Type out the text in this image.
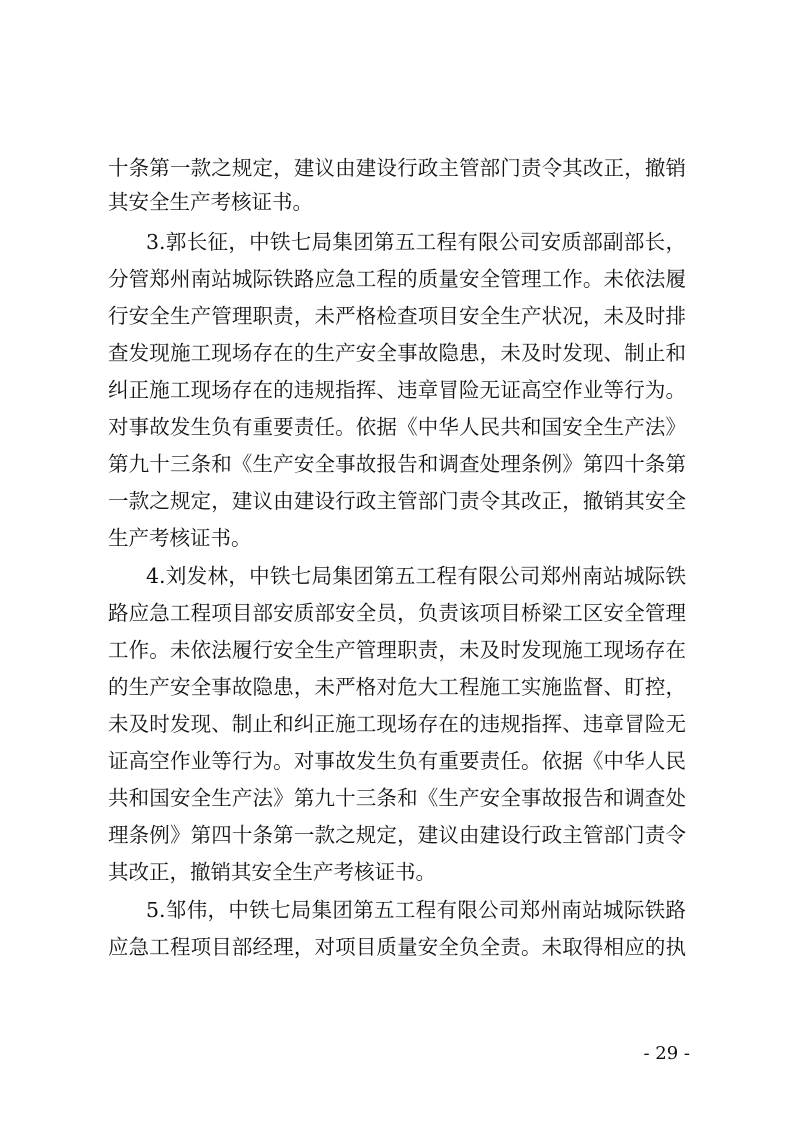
十条第一款之规定，建议由建设行政主管部门责令其改正，撤销
其安全生产考核证书。
3.郭长征，中铁七局集团第五工程有限公司安质部副部长，
分管郑州南站城际铁路应急工程的质量安全管理工作。未依法履
行安全生产管理职责，未严格检查项目安全生产状况，未及时排
查发现施工现场存在的生产安全事故隐患，未及时发现、制止和
纠正施工现场存在的违规指挥、违章冒险无证高空作业等行为。
对事故发生负有重要责任。依据《中华人民共和国安全生产法》
第九十三条和《生产安全事故报告和调查处理条例》第四十条第
一款之规定，建议由建设行政主管部门责令其改正，撤销其安全
生产考核证书。
4.刘发林，中铁七局集团第五工程有限公司郑州南站城际铁
路应急工程项目部安质部安全员，负责该项目桥梁工区安全管理
工作。未依法履行安全生产管理职责，未及时发现施工现场存在
的生产安全事故隐患，未严格对危大工程施工实施监督、盯控，
未及时发现、制止和纠正施工现场存在的违规指挥、违章冒险无
证高空作业等行为。对事故发生负有重要责任。依据《中华人民
共和国安全生产法》第九十三条和《生产安全事故报告和调查处
理条例》第四十条第一款之规定，建议由建设行政主管部门责令
其改正，撤销其安全生产考核证书。
5.邹伟，中铁七局集团第五工程有限公司郑州南站城际铁路
应急工程项目部经理，对项目质量安全负全责。未取得相应的执
- 29 -
